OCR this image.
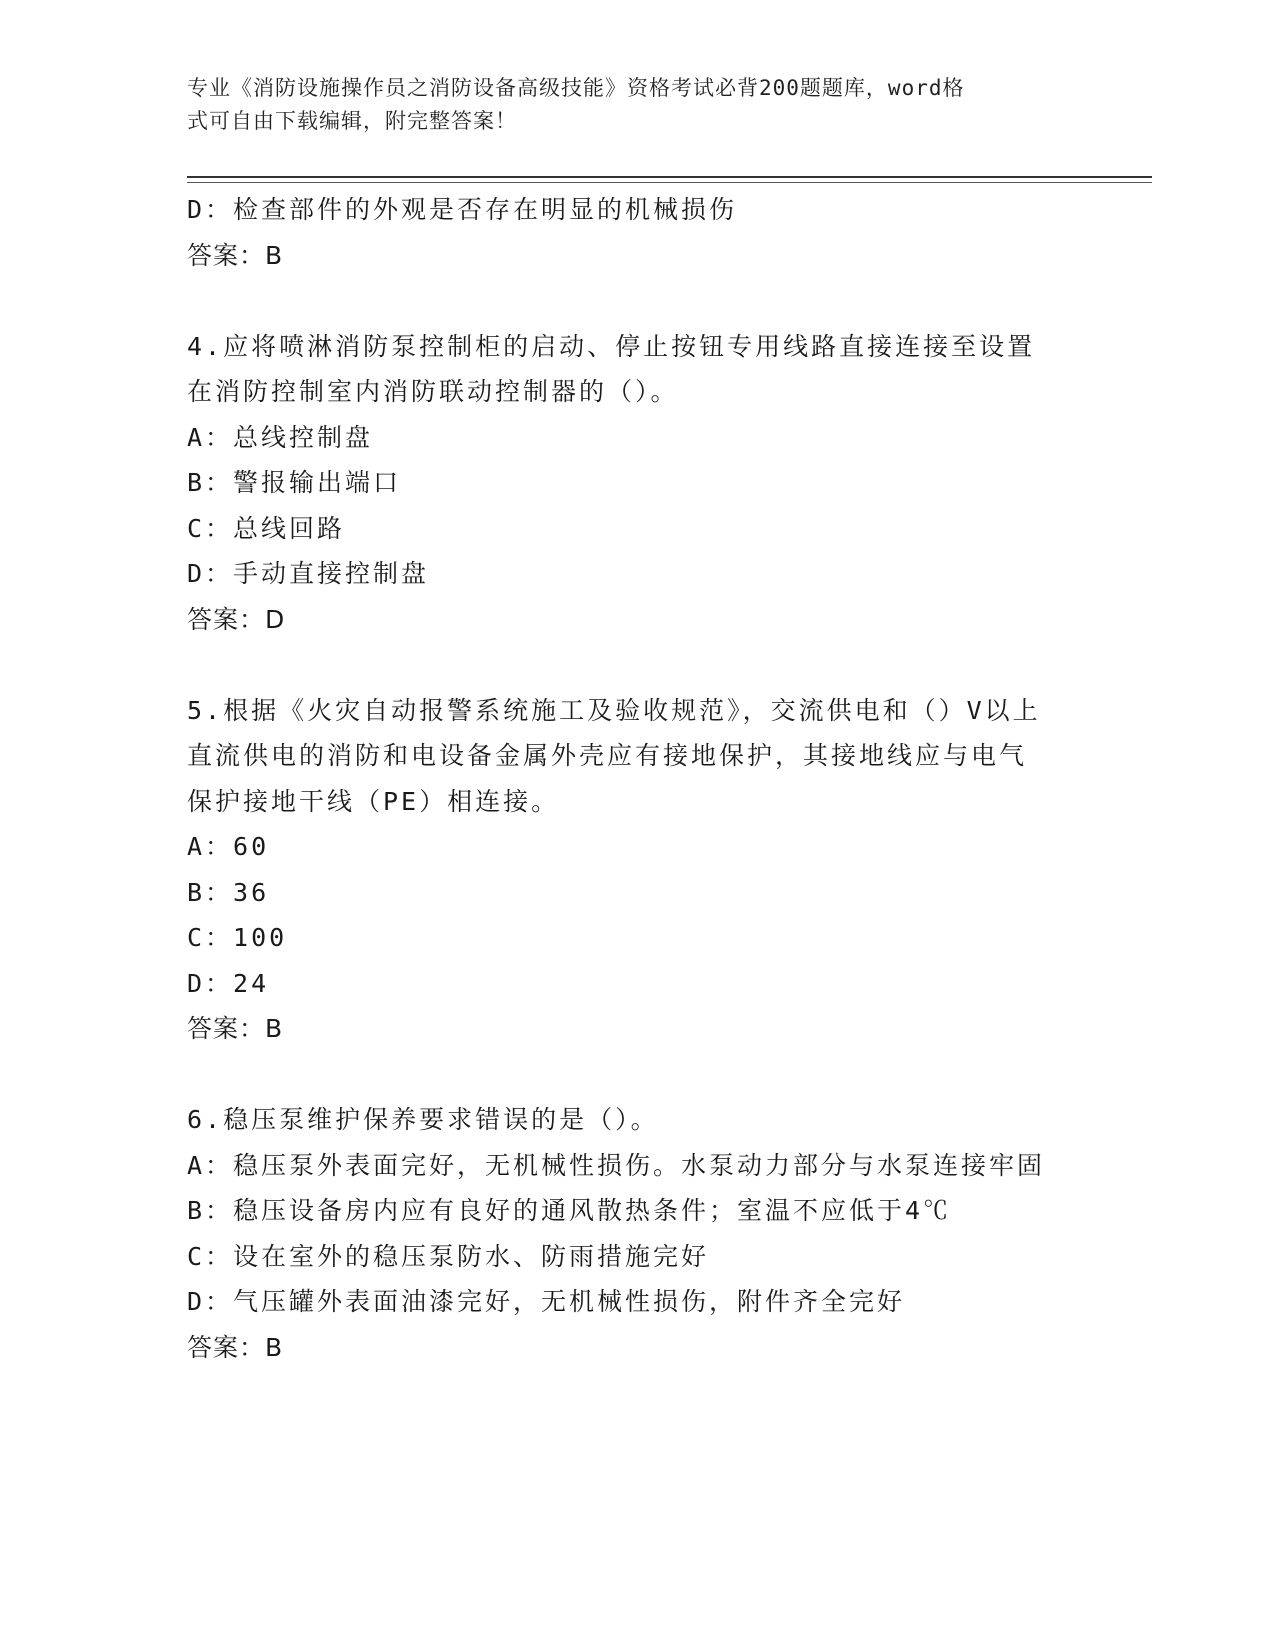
专业《消防设施操作员之消防设备高级技能》资格考试必背200题题库，word格
式可自由下载编辑，附完整答案！
D：检查部件的外观是否存在明显的机械损伤
答案：B
4.应将喷淋消防泵控制柜的启动、停止按钮专用线路直接连接至设置
在消防控制室内消防联动控制器的（）。
A：总线控制盘
B：警报输出端口
C：总线回路
D：手动直接控制盘
答案：D
5.根据《火灾自动报警系统施工及验收规范》，交流供电和（）V以上
直流供电的消防和电设备金属外壳应有接地保护，其接地线应与电气
保护接地干线（PE）相连接。
A：60
B：36
C：100
D：24
答案：B
6.稳压泵维护保养要求错误的是（）。
A：稳压泵外表面完好，无机械性损伤。水泵动力部分与水泵连接牢固
B：稳压设备房内应有良好的通风散热条件；室温不应低于4℃
C：设在室外的稳压泵防水、防雨措施完好
D：气压罐外表面油漆完好，无机械性损伤，附件齐全完好
答案：B
